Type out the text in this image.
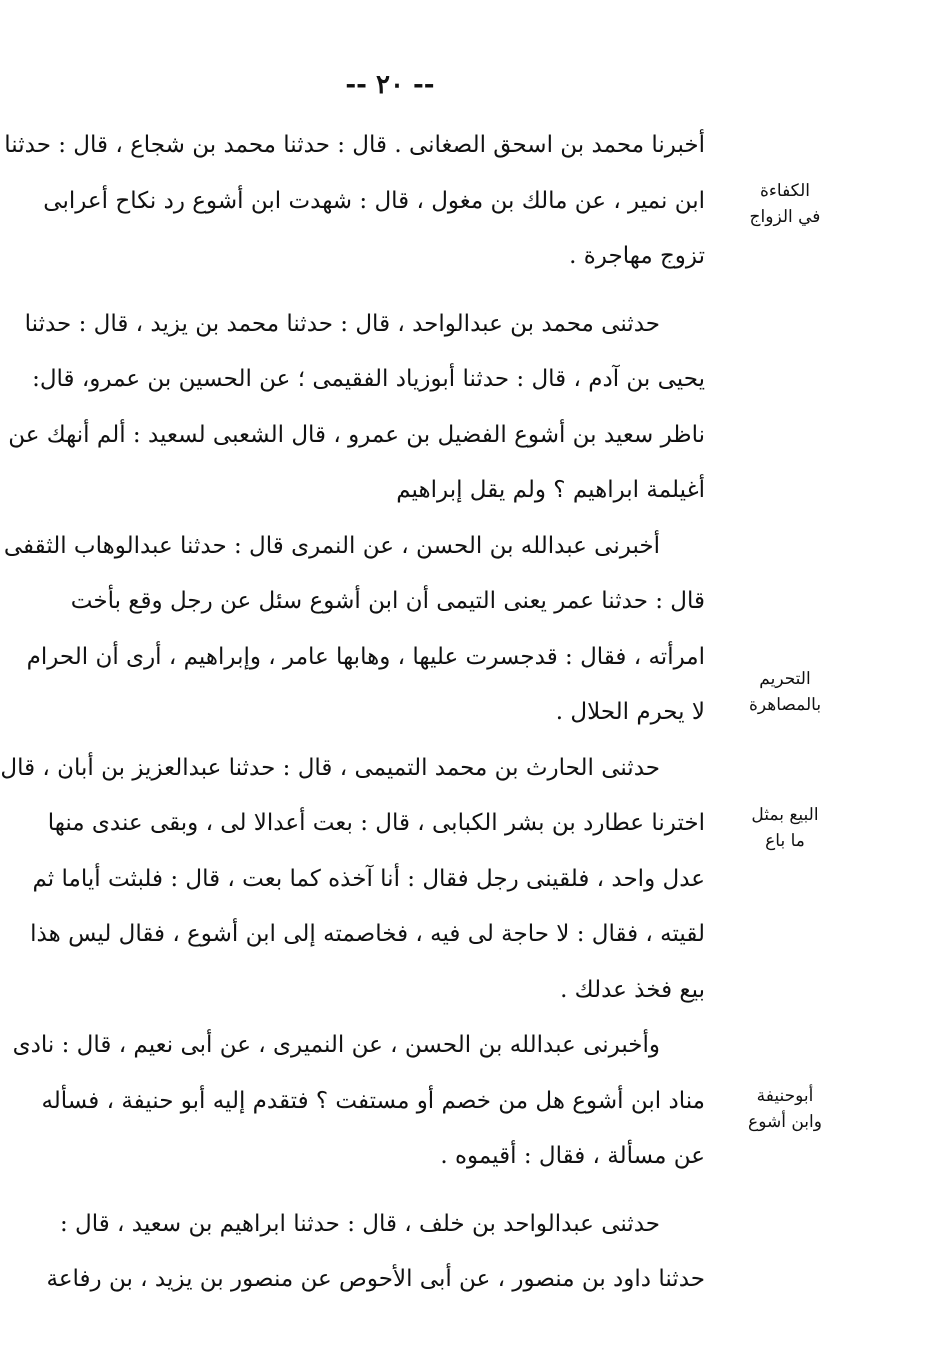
-- ٢٠ --
الكفاءة
في الزواج
التحريم
بالمصاهرة
البيع بمثل
ما باع
أبوحنيفة
وابن أشوع
أخبرنا محمد بن اسحق الصغانى . قال : حدثنا محمد بن شجاع ، قال : حدثنا
ابن نمير ، عن مالك بن مغول ، قال : شهدت ابن أشوع رد نكاح أعرابى
تزوج مهاجرة .
حدثنى محمد بن عبدالواحد ، قال : حدثنا محمد بن يزيد ، قال : حدثنا
يحيى بن آدم ، قال : حدثنا أبوزياد الفقيمى ؛ عن الحسين بن عمرو، قال:
ناظر سعيد بن أشوع الفضيل بن عمرو ، قال الشعبى لسعيد : ألم أنهك عن
أغيلمة ابراهيم ؟ ولم يقل إبراهيم
أخبرنى عبدالله بن الحسن ، عن النمرى قال : حدثنا عبدالوهاب الثقفى
قال : حدثنا عمر يعنى التيمى أن ابن أشوع سئل عن رجل وقع بأخت
امرأته ، فقال : قدجسرت عليها ، وهابها عامر ، وإبراهيم ، أرى أن الحرام
لا يحرم الحلال .
حدثنى الحارث بن محمد التميمى ، قال : حدثنا عبدالعزيز بن أبان ، قال
اخترنا عطارد بن بشر الكبابى ، قال : بعت أعدالا لى ، وبقى عندى منها
عدل واحد ، فلقينى رجل فقال : أنا آخذه كما بعت ، قال : فلبثت أياما ثم
لقيته ، فقال : لا حاجة لى فيه ، فخاصمته إلى ابن أشوع ، فقال ليس هذا
بيع فخذ عدلك .
وأخبرنى عبدالله بن الحسن ، عن النميرى ، عن أبى نعيم ، قال : نادى
مناد ابن أشوع هل من خصم أو مستفت ؟ فتقدم إليه أبو حنيفة ، فسأله
عن مسألة ، فقال : أقيموه .
حدثنى عبدالواحد بن خلف ، قال : حدثنا ابراهيم بن سعيد ، قال :
حدثنا داود بن منصور ، عن أبى الأحوص عن منصور بن يزيد ، بن رفاعة
